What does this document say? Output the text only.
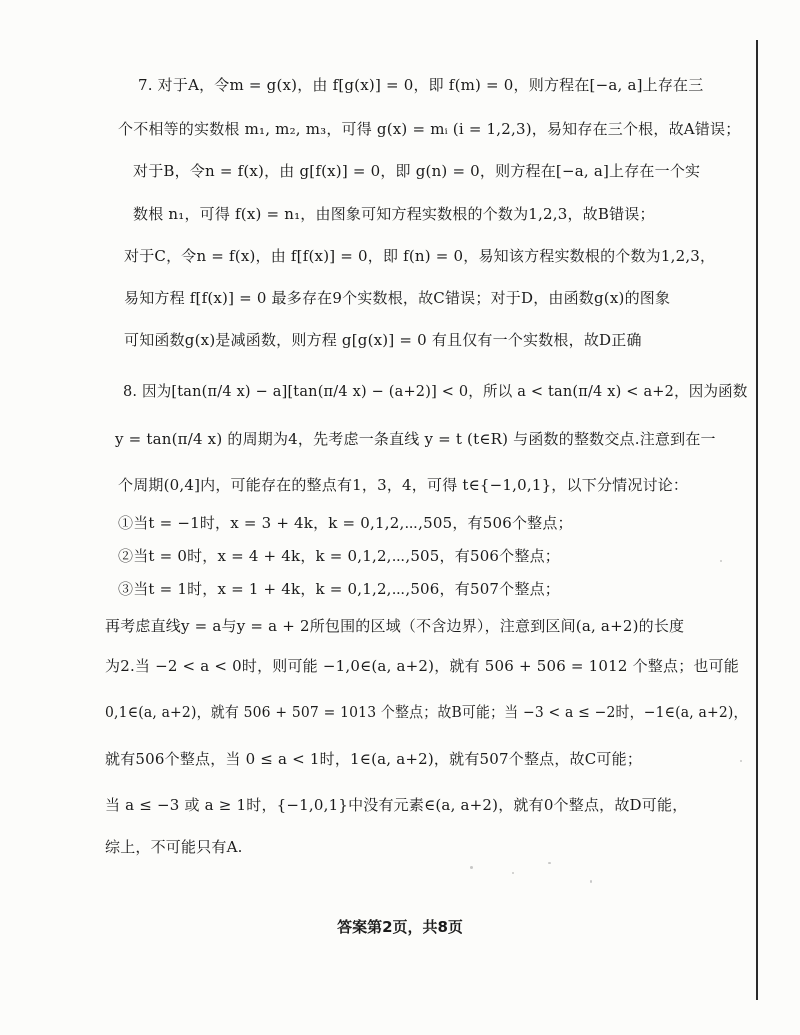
7. 对于A，令m = g(x)，由 f[g(x)] = 0，即 f(m) = 0，则方程在[−a, a]上存在三
个不相等的实数根 m₁, m₂, m₃，可得 g(x) = mᵢ (i = 1,2,3)，易知存在三个根，故A错误；
对于B，令n = f(x)，由 g[f(x)] = 0，即 g(n) = 0，则方程在[−a, a]上存在一个实
数根 n₁，可得 f(x) = n₁，由图象可知方程实数根的个数为1,2,3，故B错误；
对于C，令n = f(x)，由 f[f(x)] = 0，即 f(n) = 0，易知该方程实数根的个数为1,2,3，
易知方程 f[f(x)] = 0 最多存在9个实数根，故C错误；对于D，由函数g(x)的图象
可知函数g(x)是减函数，则方程 g[g(x)] = 0 有且仅有一个实数根，故D正确
8. 因为[tan(π/4 x) − a][tan(π/4 x) − (a+2)] < 0，所以 a < tan(π/4 x) < a+2，因为函数
y = tan(π/4 x) 的周期为4，先考虑一条直线 y = t (t∈R) 与函数的整数交点.注意到在一
个周期(0,4]内，可能存在的整点有1，3，4，可得 t∈{−1,0,1}，以下分情况讨论：
①当t = −1时，x = 3 + 4k，k = 0,1,2,⋯,505，有506个整点；
②当t = 0时，x = 4 + 4k，k = 0,1,2,⋯,505，有506个整点；
③当t = 1时，x = 1 + 4k，k = 0,1,2,⋯,506，有507个整点；
再考虑直线y = a与y = a + 2所包围的区域（不含边界），注意到区间(a, a+2)的长度
为2.当 −2 < a < 0时，则可能 −1,0∈(a, a+2)，就有 506 + 506 = 1012 个整点；也可能
0,1∈(a, a+2)，就有 506 + 507 = 1013 个整点；故B可能；当 −3 < a ≤ −2时，−1∈(a, a+2)，
就有506个整点，当 0 ≤ a < 1时，1∈(a, a+2)，就有507个整点，故C可能；
当 a ≤ −3 或 a ≥ 1时，{−1,0,1}中没有元素∈(a, a+2)，就有0个整点，故D可能，
综上，不可能只有A.
答案第2页，共8页
